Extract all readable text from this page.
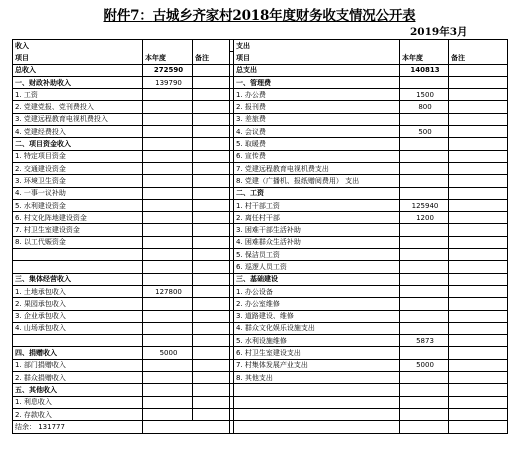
附件7：古城乡齐家村2018年度财务收支情况公开表
2019年3月
收入				支出		
项目	本年度	备注		项目	本年度	备注
总收入	272590			总支出	140813	
一、财政补助收入	139790			一、管理费		
1. 工资				1. 办公费	1500	
2. 党建党报、党刊费投入				2. 报刊费	800	
3. 党建远程教育电视机费投入				3. 差旅费		
4. 党建经费投入				4. 会议费	500	
二、项目资金收入				5. 取暖费		
1. 特定项目资金				6. 宣传费		
2. 交通建设资金				7. 党建远程教育电视机费支出		
3. 环境卫生资金				8. 党建（广播机、报纸赠阅费用） 支出		
4. 一事一议补助				二、工资		
5. 水利建设资金				1. 村干部工资	125940	
6. 村文化阵地建设资金				2. 离任村干部	1200	
7. 村卫生室建设资金				3. 困难干部生活补助		
8. 以工代赈资金				4. 困难群众生活补助		
				5. 保洁员工资		
				6. 巡逻人员工资		
三、集体经营收入				三、基础建设		
1. 土地承包收入	127800			1. 办公设备		
2. 果园承包收入				2. 办公室维修		
3. 企业承包收入				3. 道路建设、维修		
4. 山场承包收入				4. 群众文化娱乐设施支出		
				5. 水利设施维修	5873	
四、捐赠收入	5000			6. 村卫生室建设支出		
1. 部门捐赠收入				7. 村集体发展产业支出	5000	
2. 群众捐赠收入				8. 其他支出		
五、其他收入						
1. 利息收入						
2. 存款收入						
结余： 131777						
